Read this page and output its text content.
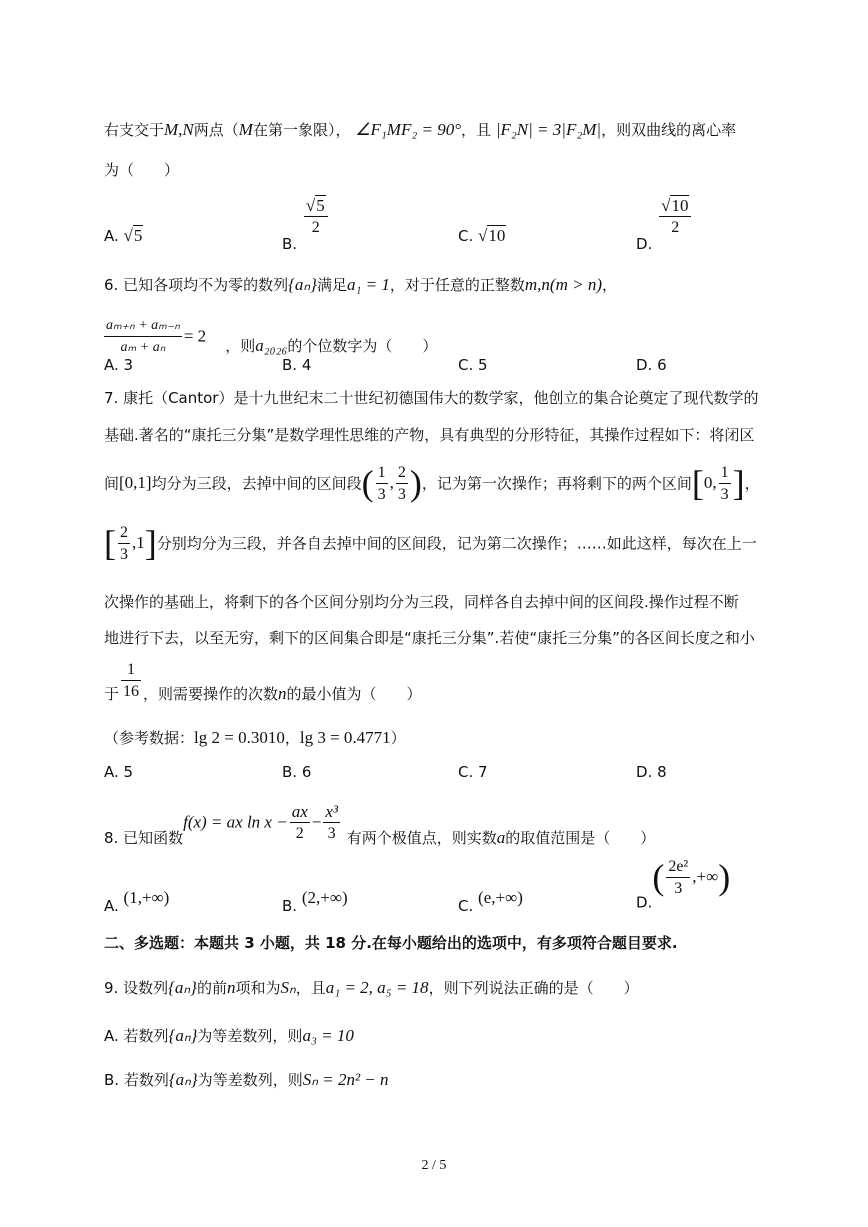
右支交于M,N两点（M在第一象限）， ∠F₁MF₂ = 90°，且 |F₂N| = 3|F₂M|，则双曲线的离心率
为（　　）
A. √5	B.
$\frac{√5}{2}$	C. √10	D.
$\frac{√10}{2}$
6. 已知各项均不为零的数列{aₙ}满足a₁ = 1，对于任意的正整数m,n(m > n)，
$\frac{\text{aₘ₊ₙ + aₘ₋ₙ}}{\text{aₘ + aₙ}} = 2$    ，则a₂₀₂₆的个位数字为（　　）
A. 3	B. 4	C. 5	D. 6
7. 康托（Cantor）是十九世纪末二十世纪初德国伟大的数学家，他创立的集合论奠定了现代数学的
基础.著名的“康托三分集”是数学理性思维的产物，具有典型的分形特征，其操作过程如下：将闭区
间[0,1]均分为三段，去掉中间的区间段( $\frac{1}{3}$ , $\frac{2}{3}$ )，记为第一次操作；再将剩下的两个区间[0, $\frac{1}{3}$ ]，
[ $\frac{2}{3} ,1$]分别均分为三段，并各自去掉中间的区间段，记为第二次操作；……如此这样，每次在上一
次操作的基础上，将剩下的各个区间分别均分为三段，同样各自去掉中间的区间段.操作过程不断
地进行下去，以至无穷，剩下的区间集合即是“康托三分集”.若使“康托三分集”的各区间长度之和小
于 $\frac{1}{16}$ ，则需要操作的次数n的最小值为（　　）
（参考数据：lg 2 = 0.3010，lg 3 = 0.4771）
A. 5	B. 6	C. 7	D. 8
8. 已知函数f(x) = ax $\ln x - \frac{ax}{2} - \frac{\text{x³}}{3}$ 有两个极值点，则实数a的取值范围是（　　）
A. (1,+∞)	B. (2,+∞)	C. (e,+∞)	$D.( \frac{\text{2e²}}{3}$ ,+∞)
二、多选题：本题共 3 小题，共 18 分.在每小题给出的选项中，有多项符合题目要求.
9. 设数列{aₙ}的前n项和为Sₙ，且a₁ = 2, a₅ = 18，则下列说法正确的是（　　）
A. 若数列{aₙ}为等差数列，则a₃ = 10
B. 若数列{aₙ}为等差数列，则Sₙ = 2n² − n
2 / 5
